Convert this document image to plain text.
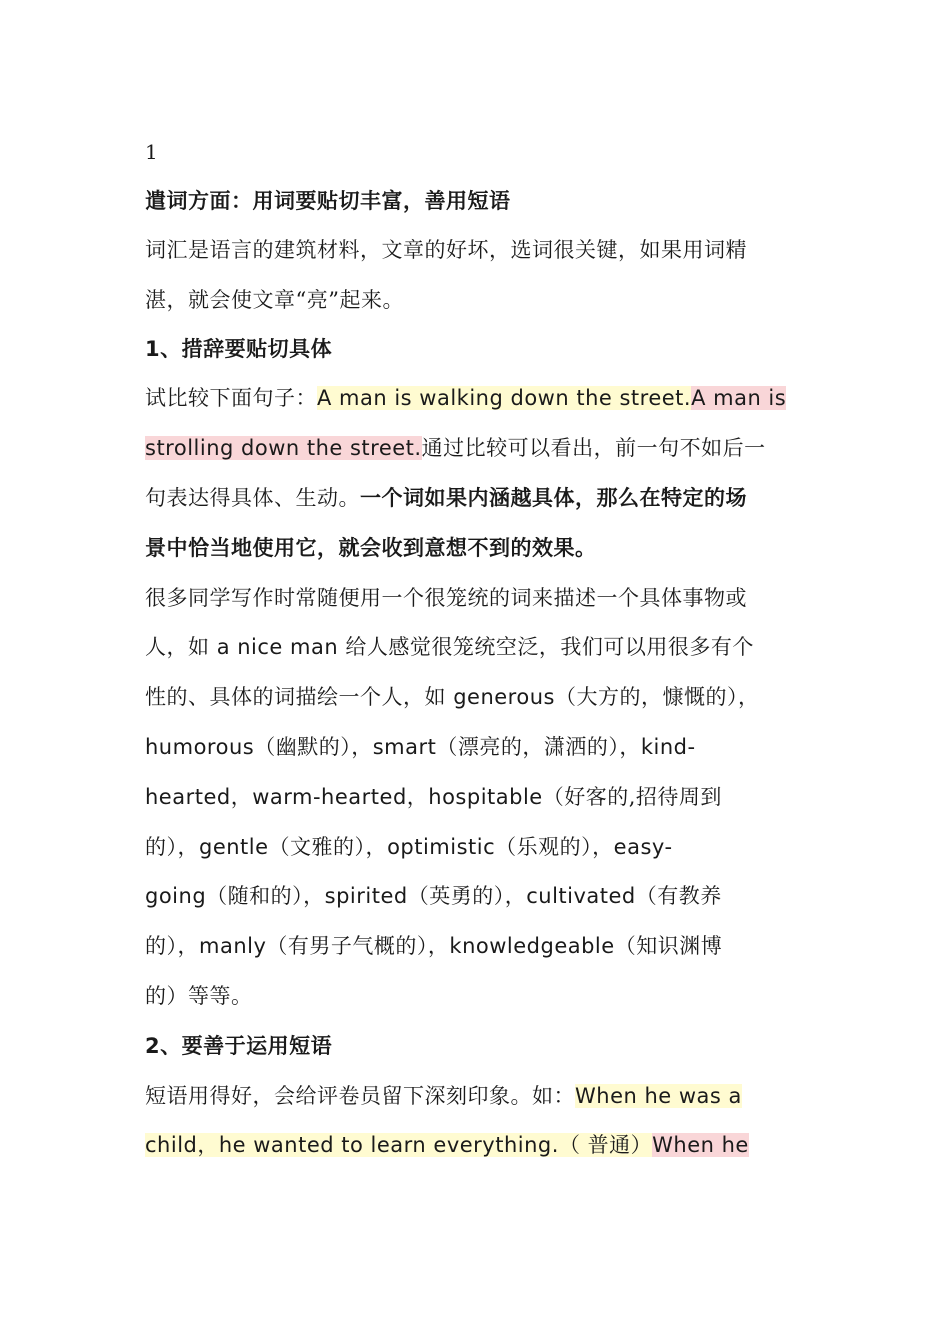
1
遣词方面：用词要贴切丰富，善用短语
词汇是语言的建筑材料，文章的好坏，选词很关键，如果用词精
湛，就会使文章“亮”起来。
1、措辞要贴切具体
试比较下面句子：A man is walking down the street.A man is
strolling down the street.通过比较可以看出，前一句不如后一
句表达得具体、生动。一个词如果内涵越具体，那么在特定的场
景中恰当地使用它，就会收到意想不到的效果。
很多同学写作时常随便用一个很笼统的词来描述一个具体事物或
人，如 a nice man 给人感觉很笼统空泛，我们可以用很多有个
性的、具体的词描绘一个人，如 generous（大方的，慷慨的），
humorous（幽默的），smart（漂亮的，潇洒的），kind-
hearted，warm-hearted，hospitable（好客的,招待周到
的），gentle（文雅的），optimistic（乐观的），easy-
going（随和的），spirited（英勇的），cultivated（有教养
的），manly（有男子气概的），knowledgeable（知识渊博
的）等等。
2、要善于运用短语
短语用得好，会给评卷员留下深刻印象。如：When he was a
child，he wanted to learn everything.（ 普通）When he
